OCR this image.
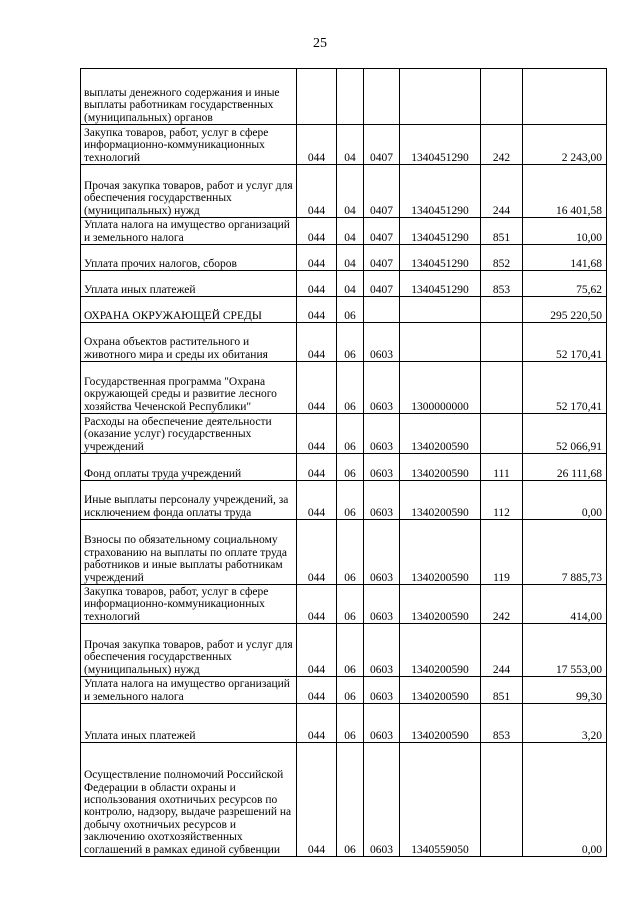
25
выплаты денежного содержания и иные выплаты работникам государственных (муниципальных) органов						
Закупка товаров, работ, услуг в сфере информационно-коммуникационных технологий	044	04	0407	1340451290	242	2 243,00
Прочая закупка товаров, работ и услуг для обеспечения государственных (муниципальных) нужд	044	04	0407	1340451290	244	16 401,58
Уплата налога на имущество организаций и земельного налога	044	04	0407	1340451290	851	10,00
Уплата прочих налогов, сборов	044	04	0407	1340451290	852	141,68
Уплата иных платежей	044	04	0407	1340451290	853	75,62
ОХРАНА ОКРУЖАЮЩЕЙ СРЕДЫ	044	06				295 220,50
Охрана объектов растительного и животного мира и среды их обитания	044	06	0603			52 170,41
Государственная программа "Охрана окружающей среды и развитие лесного хозяйства Чеченской Республики"	044	06	0603	1300000000		52 170,41
Расходы на обеспечение деятельности (оказание услуг) государственных учреждений	044	06	0603	1340200590		52 066,91
Фонд оплаты труда учреждений	044	06	0603	1340200590	111	26 111,68
Иные выплаты персоналу учреждений, за исключением фонда оплаты труда	044	06	0603	1340200590	112	0,00
Взносы по обязательному социальному страхованию на выплаты по оплате труда работников и иные выплаты работникам учреждений	044	06	0603	1340200590	119	7 885,73
Закупка товаров, работ, услуг в сфере информационно-коммуникационных технологий	044	06	0603	1340200590	242	414,00
Прочая закупка товаров, работ и услуг для обеспечения государственных (муниципальных) нужд	044	06	0603	1340200590	244	17 553,00
Уплата налога на имущество организаций и земельного налога	044	06	0603	1340200590	851	99,30
Уплата иных платежей	044	06	0603	1340200590	853	3,20
Осуществление полномочий Российской Федерации в области охраны и использования охотничьих ресурсов по контролю, надзору, выдаче разрешений на добычу охотничьих ресурсов и заключению охотхозяйственных соглашений в рамках единой субвенции	044	06	0603	1340559050		0,00
